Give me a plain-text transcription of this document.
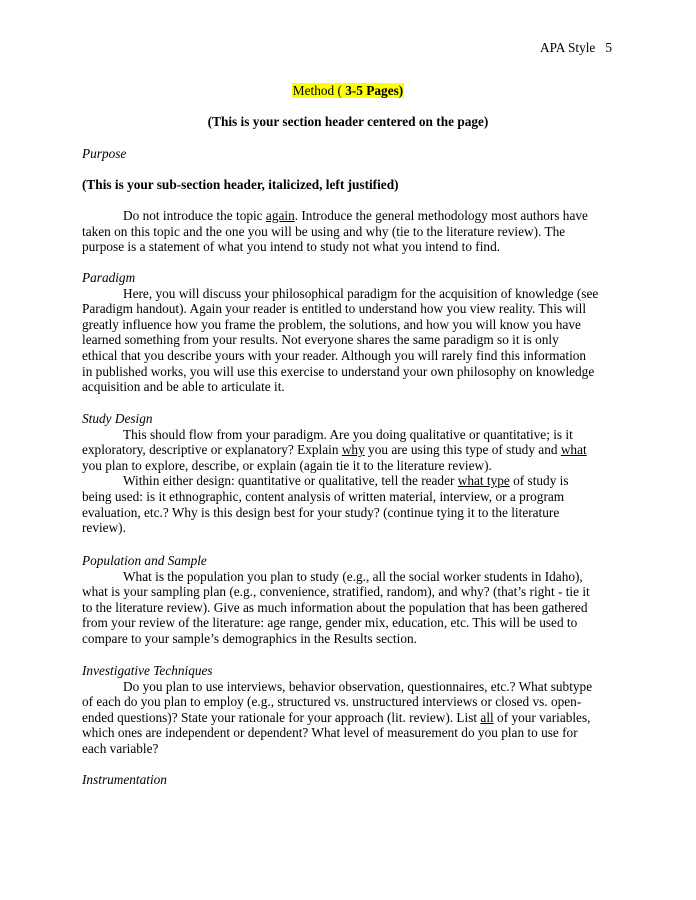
APA Style 5
Method ( 3-5 Pages)
(This is your section header centered on the page)
Purpose
(This is your sub-section header, italicized, left justified)
Do not introduce the topic again. Introduce the general methodology most authors have
taken on this topic and the one you will be using and why (tie to the literature review). The
purpose is a statement of what you intend to study not what you intend to find.
Paradigm
Here, you will discuss your philosophical paradigm for the acquisition of knowledge (see
Paradigm handout). Again your reader is entitled to understand how you view reality. This will
greatly influence how you frame the problem, the solutions, and how you will know you have
learned something from your results. Not everyone shares the same paradigm so it is only
ethical that you describe yours with your reader. Although you will rarely find this information
in published works, you will use this exercise to understand your own philosophy on knowledge
acquisition and be able to articulate it.
Study Design
This should flow from your paradigm. Are you doing qualitative or quantitative; is it
exploratory, descriptive or explanatory? Explain why you are using this type of study and what
you plan to explore, describe, or explain (again tie it to the literature review).
Within either design: quantitative or qualitative, tell the reader what type of study is
being used: is it ethnographic, content analysis of written material, interview, or a program
evaluation, etc.? Why is this design best for your study? (continue tying it to the literature
review).
Population and Sample
What is the population you plan to study (e.g., all the social worker students in Idaho),
what is your sampling plan (e.g., convenience, stratified, random), and why? (that’s right - tie it
to the literature review). Give as much information about the population that has been gathered
from your review of the literature: age range, gender mix, education, etc. This will be used to
compare to your sample’s demographics in the Results section.
Investigative Techniques
Do you plan to use interviews, behavior observation, questionnaires, etc.? What subtype
of each do you plan to employ (e.g., structured vs. unstructured interviews or closed vs. open-
ended questions)? State your rationale for your approach (lit. review). List all of your variables,
which ones are independent or dependent? What level of measurement do you plan to use for
each variable?
Instrumentation
